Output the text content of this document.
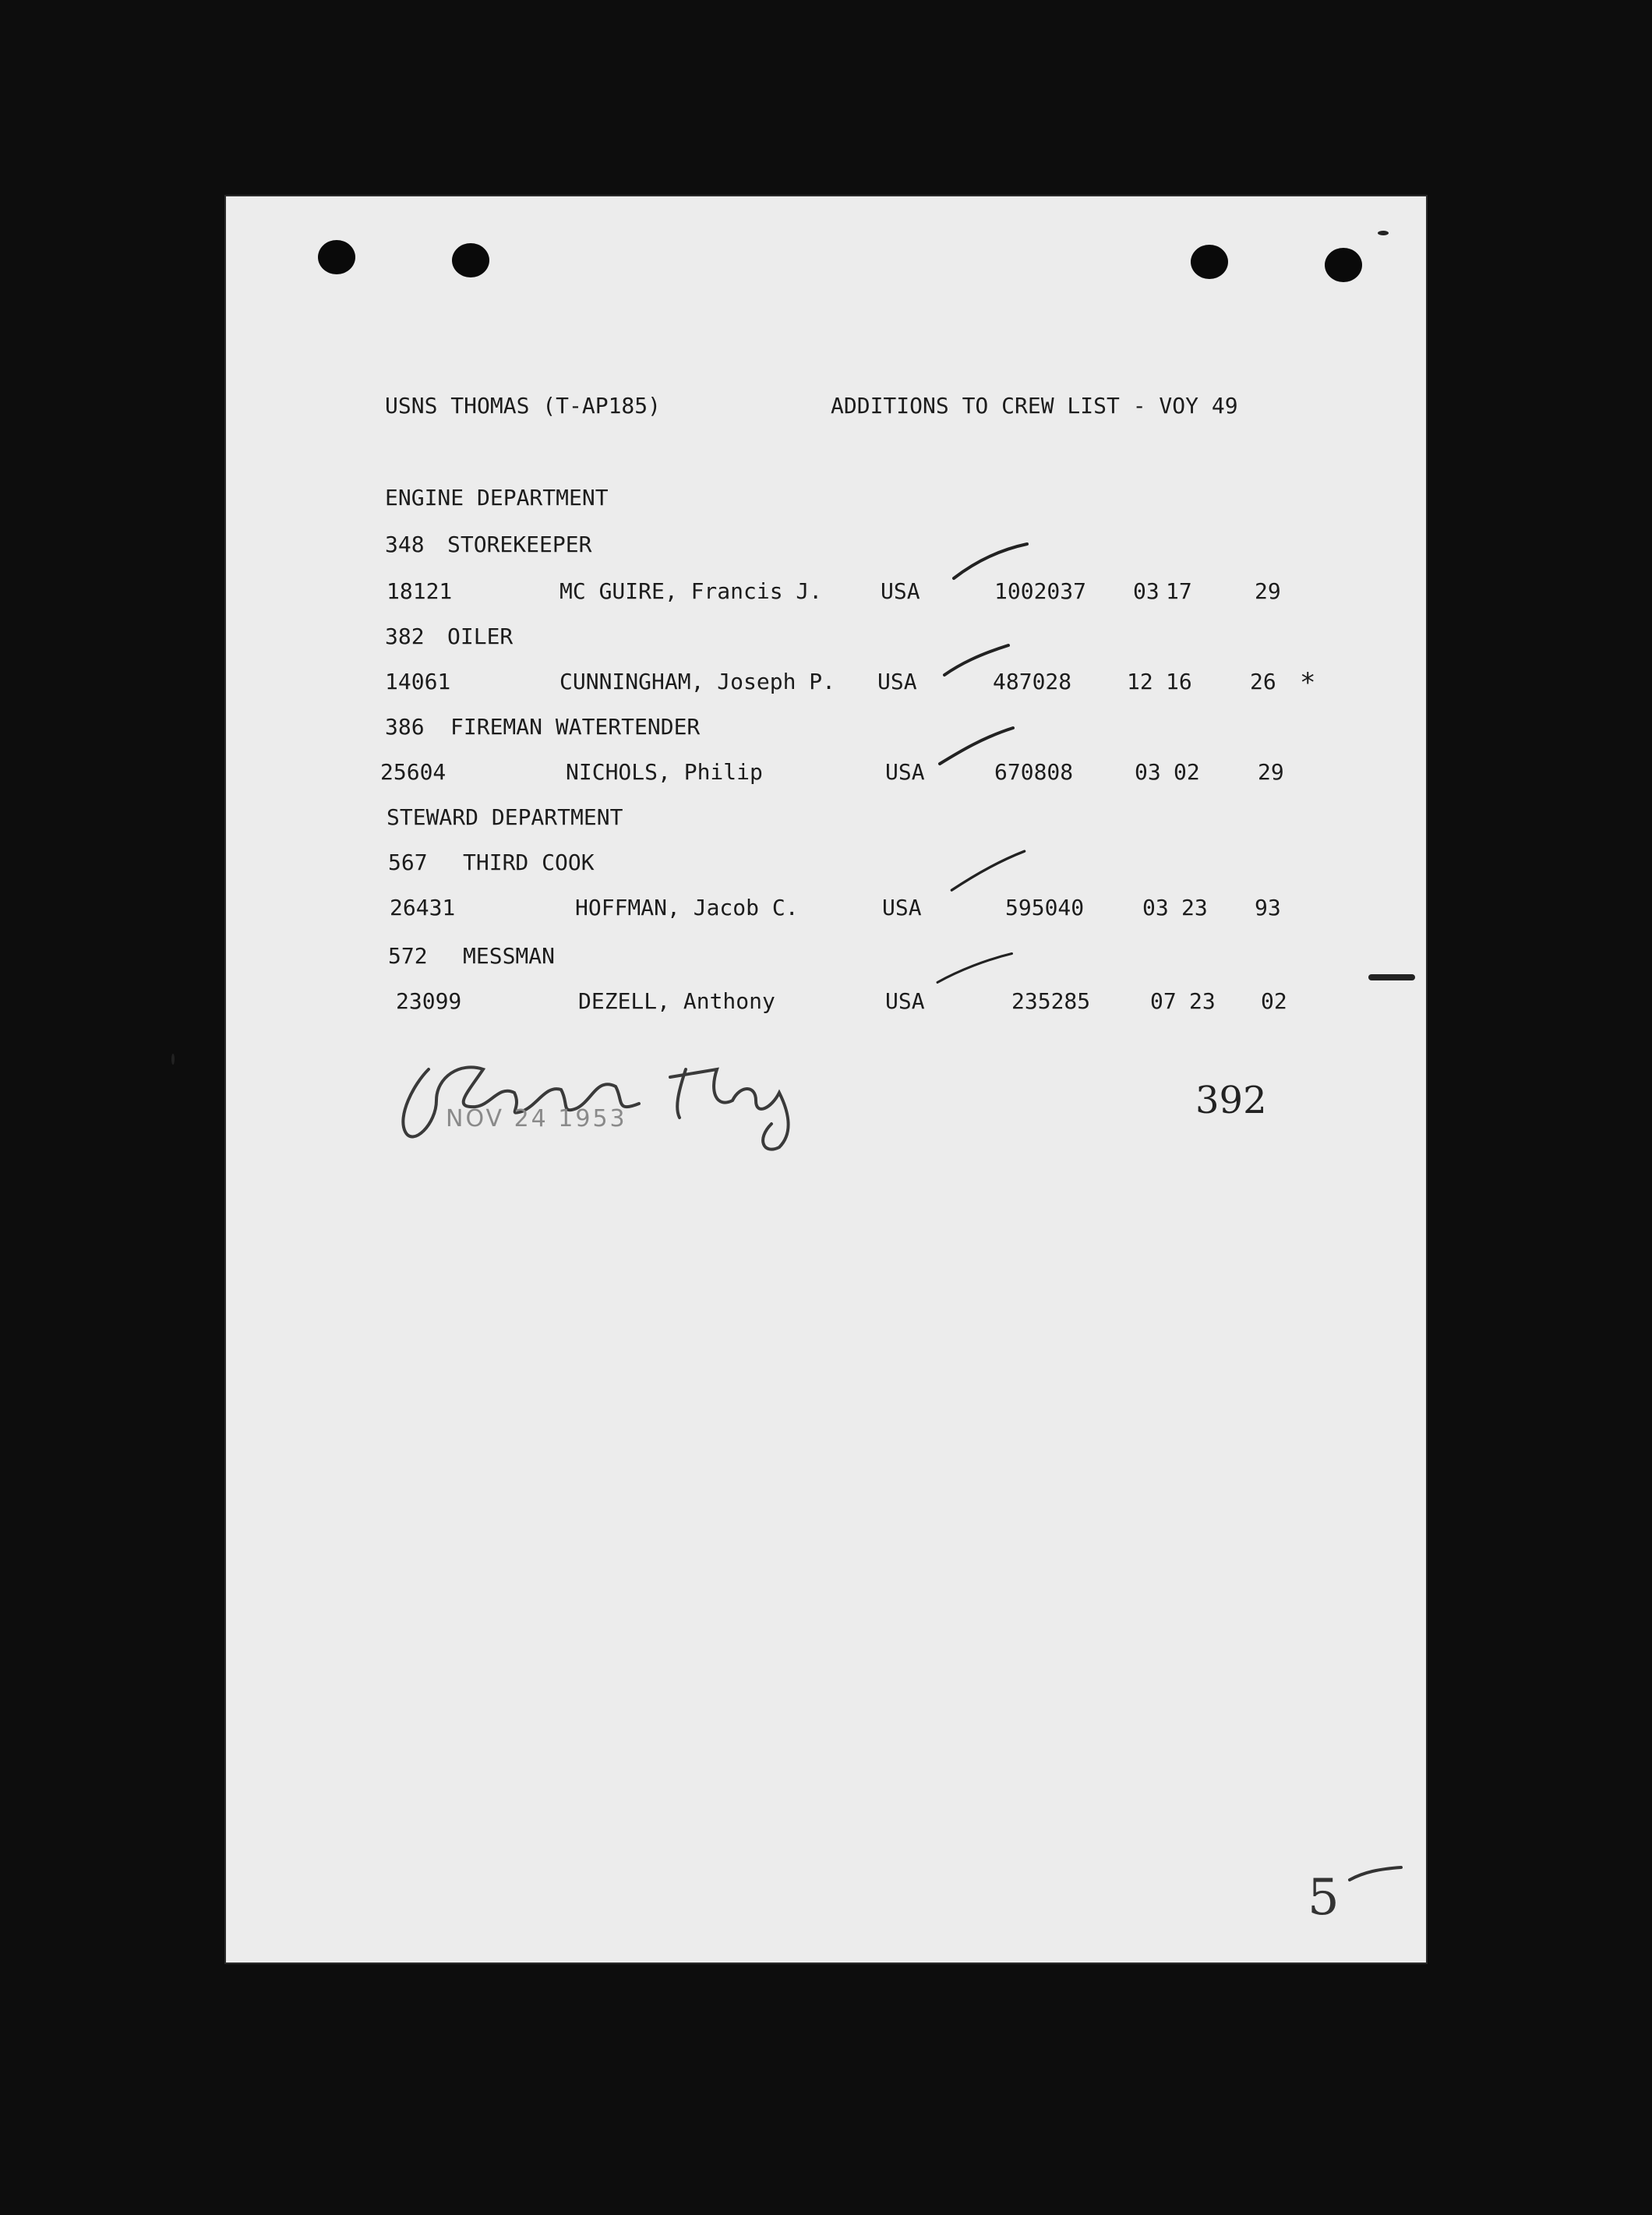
USNS THOMAS (T-AP185)	ADDITIONS TO CREW LIST - VOY 49
ENGINE DEPARTMENT
348 STOREKEEPER
18121	MC GUIRE, Francis J.	USA	1002037 03 17	29
382 OILER
14061	CUNNINGHAM, Joseph P. USA	487028	12 16	26 *
386 FIREMAN WATERTENDER
25604	NICHOLS, Philip	USA	670808	03 02	29
STEWARD DEPARTMENT
567 THIRD COOK
26431	HOFFMAN, Jacob C.	USA	595040	03 23 93
572 MESSMAN
23099	DEZELL, Anthony	USA	235285	07 23 02
NOV 24 1953	392
5
